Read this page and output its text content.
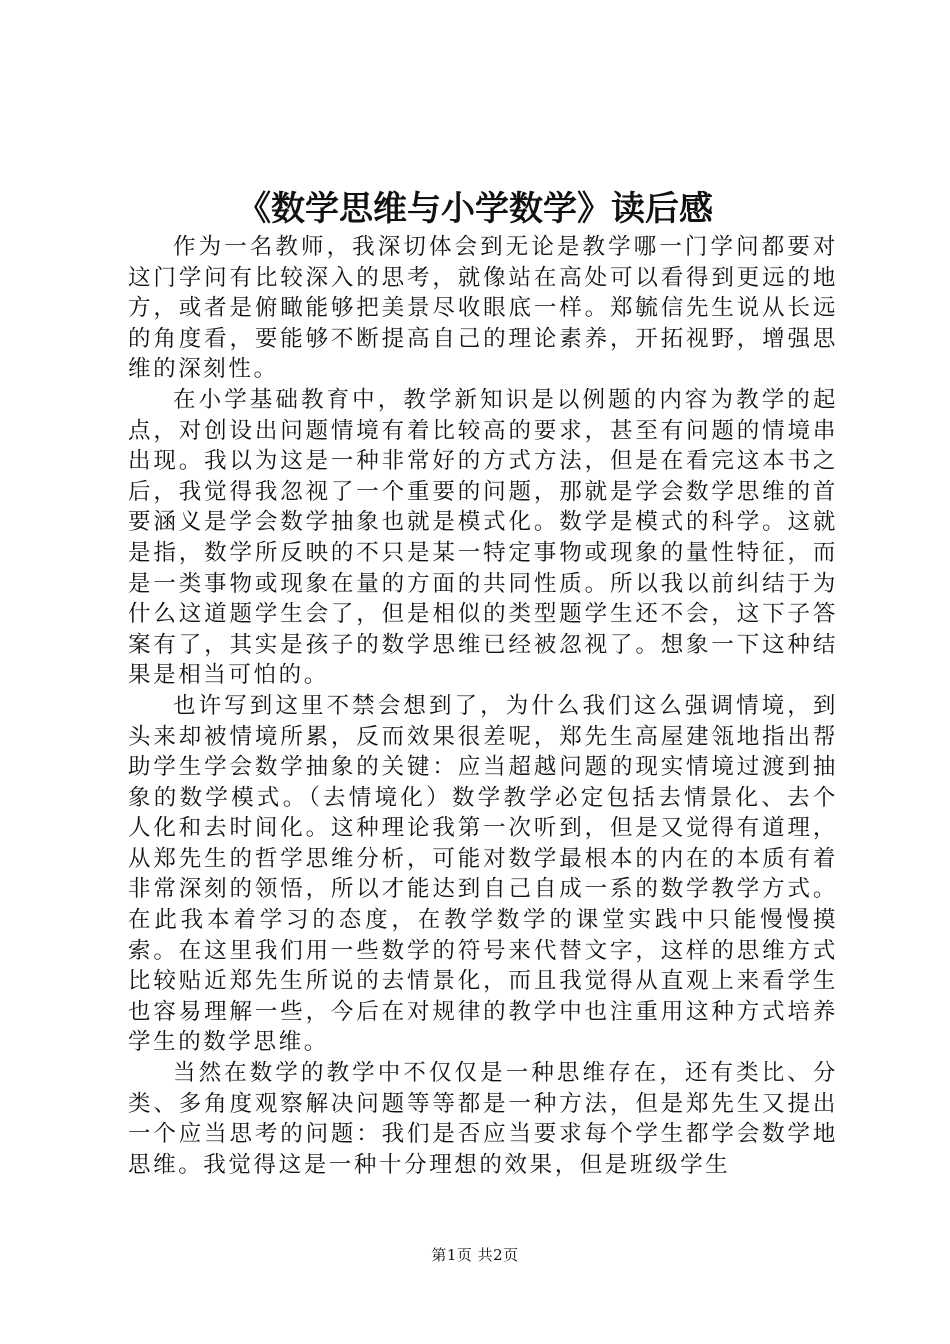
《数学思维与小学数学》读后感

作为一名教师，我深切体会到无论是教学哪一门学问都要对这门学问有比较深入的思考，就像站在高处可以看得到更远的地方，或者是俯瞰能够把美景尽收眼底一样。郑毓信先生说从长远的角度看，要能够不断提高自己的理论素养，开拓视野，增强思维的深刻性。

在小学基础教育中，教学新知识是以例题的内容为教学的起点，对创设出问题情境有着比较高的要求，甚至有问题的情境串出现。我以为这是一种非常好的方式方法，但是在看完这本书之后，我觉得我忽视了一个重要的问题，那就是学会数学思维的首要涵义是学会数学抽象也就是模式化。数学是模式的科学。这就是指，数学所反映的不只是某一特定事物或现象的量性特征，而是一类事物或现象在量的方面的共同性质。所以我以前纠结于为什么这道题学生会了，但是相似的类型题学生还不会，这下子答案有了，其实是孩子的数学思维已经被忽视了。想象一下这种结果是相当可怕的。

也许写到这里不禁会想到了，为什么我们这么强调情境，到头来却被情境所累，反而效果很差呢，郑先生高屋建瓴地指出帮助学生学会数学抽象的关键：应当超越问题的现实情境过渡到抽象的数学模式。（去情境化）数学教学必定包括去情景化、去个人化和去时间化。这种理论我第一次听到，但是又觉得有道理，从郑先生的哲学思维分析，可能对数学最根本的内在的本质有着非常深刻的领悟，所以才能达到自己自成一系的数学教学方式。在此我本着学习的态度，在教学数学的课堂实践中只能慢慢摸索。在这里我们用一些数学的符号来代替文字，这样的思维方式比较贴近郑先生所说的去情景化，而且我觉得从直观上来看学生也容易理解一些，今后在对规律的教学中也注重用这种方式培养学生的数学思维。

当然在数学的教学中不仅仅是一种思维存在，还有类比、分类、多角度观察解决问题等等都是一种方法，但是郑先生又提出一个应当思考的问题：我们是否应当要求每个学生都学会数学地思维。我觉得这是一种十分理想的效果，但是班级学生

第1页 共2页
